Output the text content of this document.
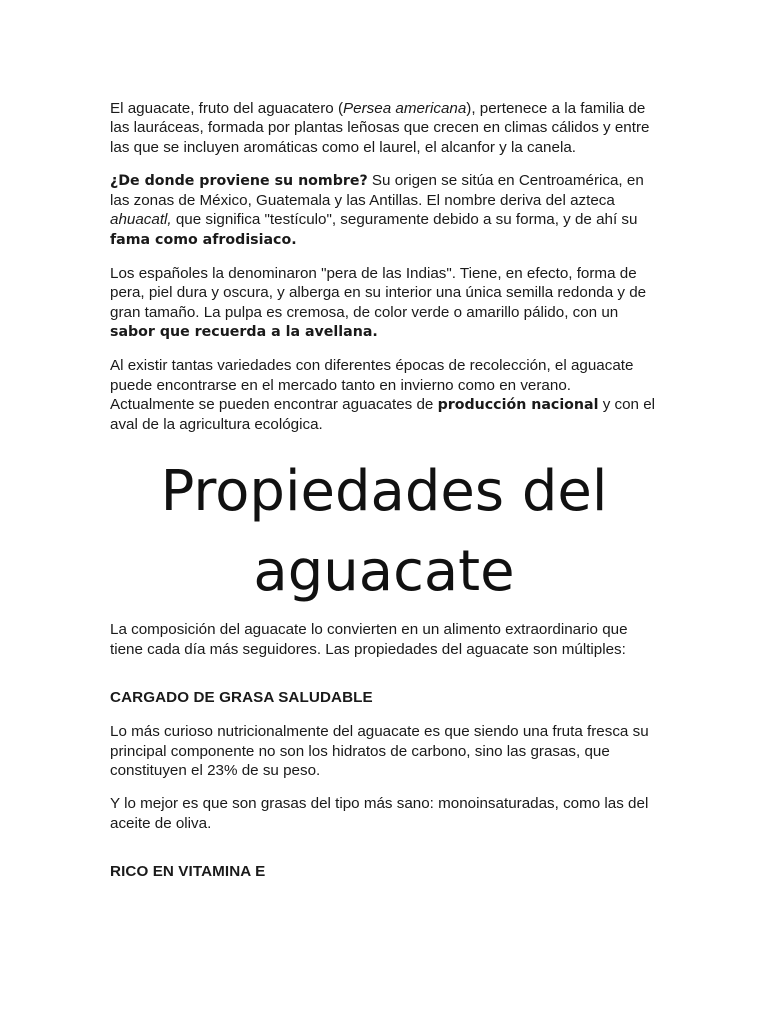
El aguacate, fruto del aguacatero (Persea americana), pertenece a la familia de las lauráceas, formada por plantas leñosas que crecen en climas cálidos y entre las que se incluyen aromáticas como el laurel, el alcanfor y la canela.

¿De donde proviene su nombre? Su origen se sitúa en Centroamérica, en las zonas de México, Guatemala y las Antillas. El nombre deriva del azteca ahuacatl, que significa "testículo", seguramente debido a su forma, y de ahí su fama como afrodisiaco.

Los españoles la denominaron "pera de las Indias". Tiene, en efecto, forma de pera, piel dura y oscura, y alberga en su interior una única semilla redonda y de gran tamaño. La pulpa es cremosa, de color verde o amarillo pálido, con un sabor que recuerda a la avellana.

Al existir tantas variedades con diferentes épocas de recolección, el aguacate puede encontrarse en el mercado tanto en invierno como en verano. Actualmente se pueden encontrar aguacates de producción nacional y con el aval de la agricultura ecológica.

Propiedades del
aguacate

La composición del aguacate lo convierten en un alimento extraordinario que tiene cada día más seguidores. Las propiedades del aguacate son múltiples:

CARGADO DE GRASA SALUDABLE

Lo más curioso nutricionalmente del aguacate es que siendo una fruta fresca su principal componente no son los hidratos de carbono, sino las grasas, que constituyen el 23% de su peso.

Y lo mejor es que son grasas del tipo más sano: monoinsaturadas, como las del aceite de oliva.

RICO EN VITAMINA E
